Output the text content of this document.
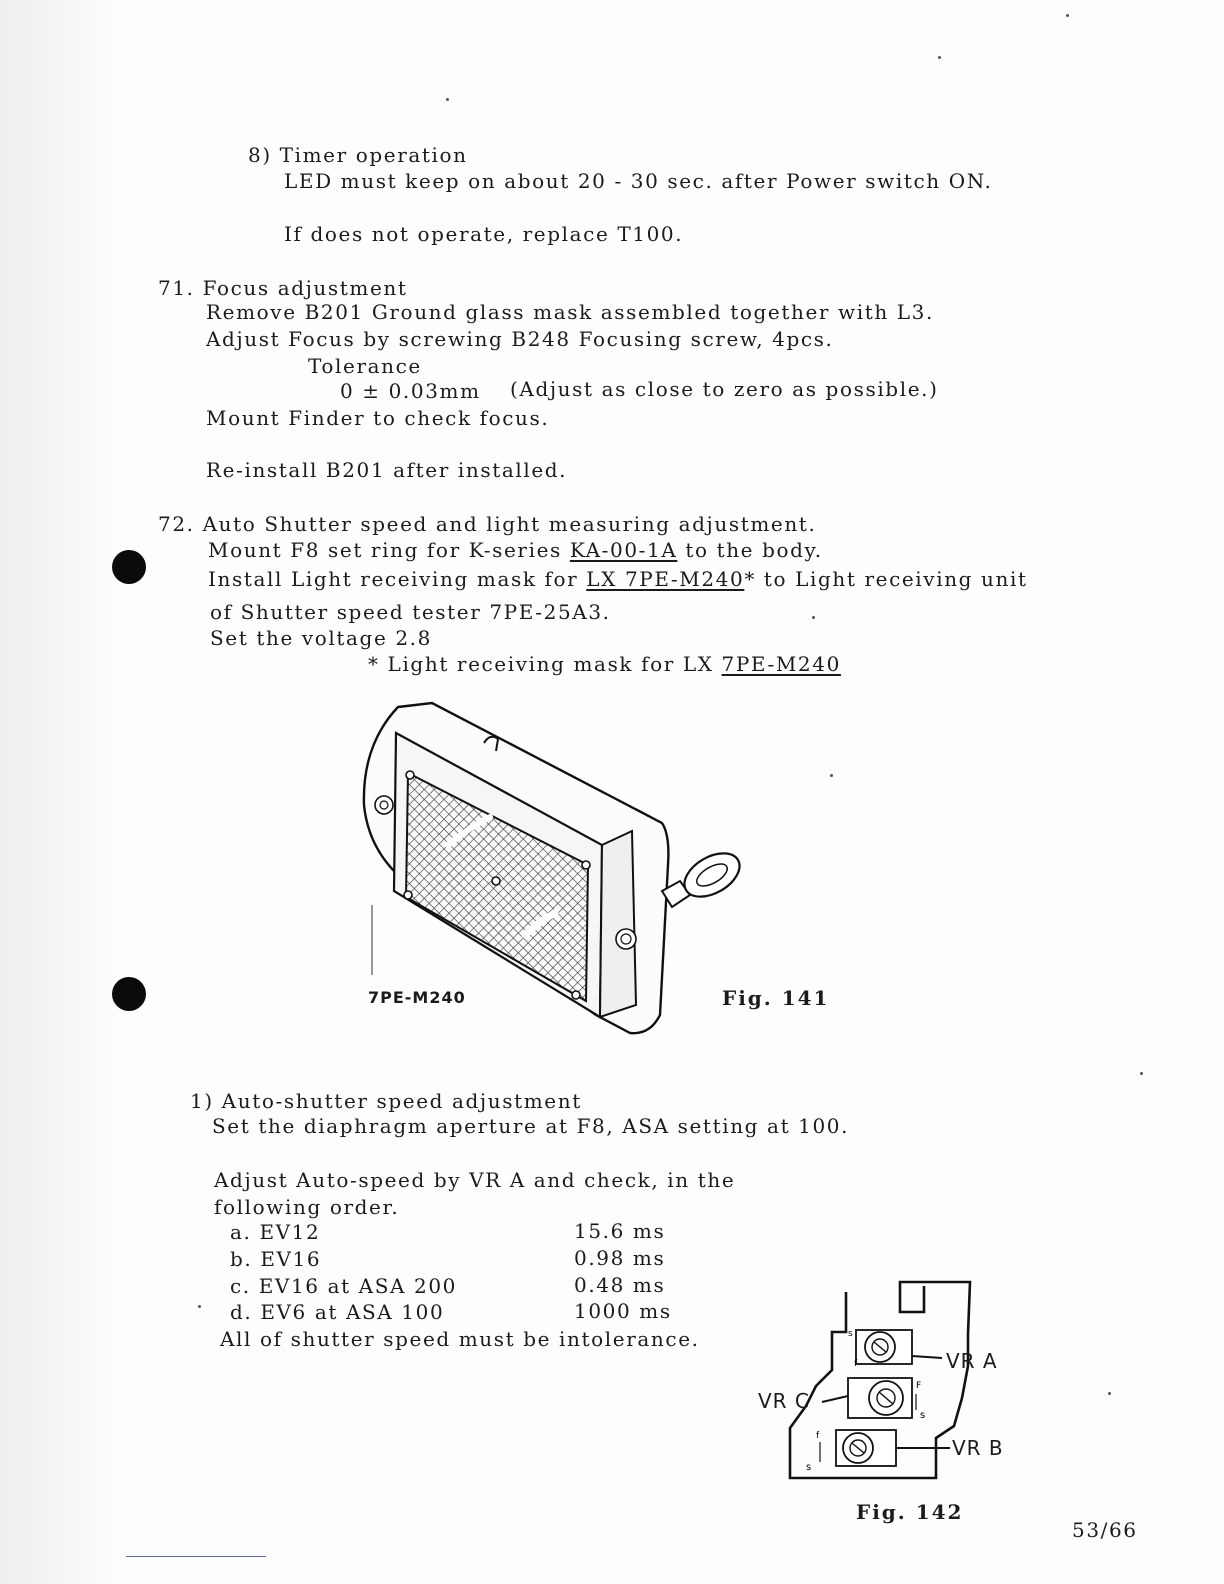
8) Timer operation
LED must keep on about 20 - 30 sec. after Power switch ON.
If does not operate, replace T100.
71. Focus adjustment
Remove B201 Ground glass mask assembled together with L3.
Adjust Focus by screwing B248 Focusing screw, 4pcs.
Tolerance
0 ± 0.03mm (Adjust as close to zero as possible.)
Mount Finder to check focus.
Re-install B201 after installed.
72. Auto Shutter speed and light measuring adjustment.
Mount F8 set ring for K-series KA-00-1A to the body.
Install Light receiving mask for LX 7PE-M240* to Light receiving unit
of Shutter speed tester 7PE-25A3.
Set the voltage 2.8
* Light receiving mask for LX 7PE-M240
7PE-M240	Fig. 141
1) Auto-shutter speed adjustment
Set the diaphragm aperture at F8, ASA setting at 100.
Adjust Auto-speed by VR A and check, in the
following order.
a. EV12	15.6 ms
b. EV16	0.98 ms
c. EV16 at ASA 200	0.48 ms
d. EV6 at ASA 100	1000 ms
All of shutter speed must be intolerance.	s
f
F
s
f
s
VR A
VR C
VR B
Fig. 142
53/66
